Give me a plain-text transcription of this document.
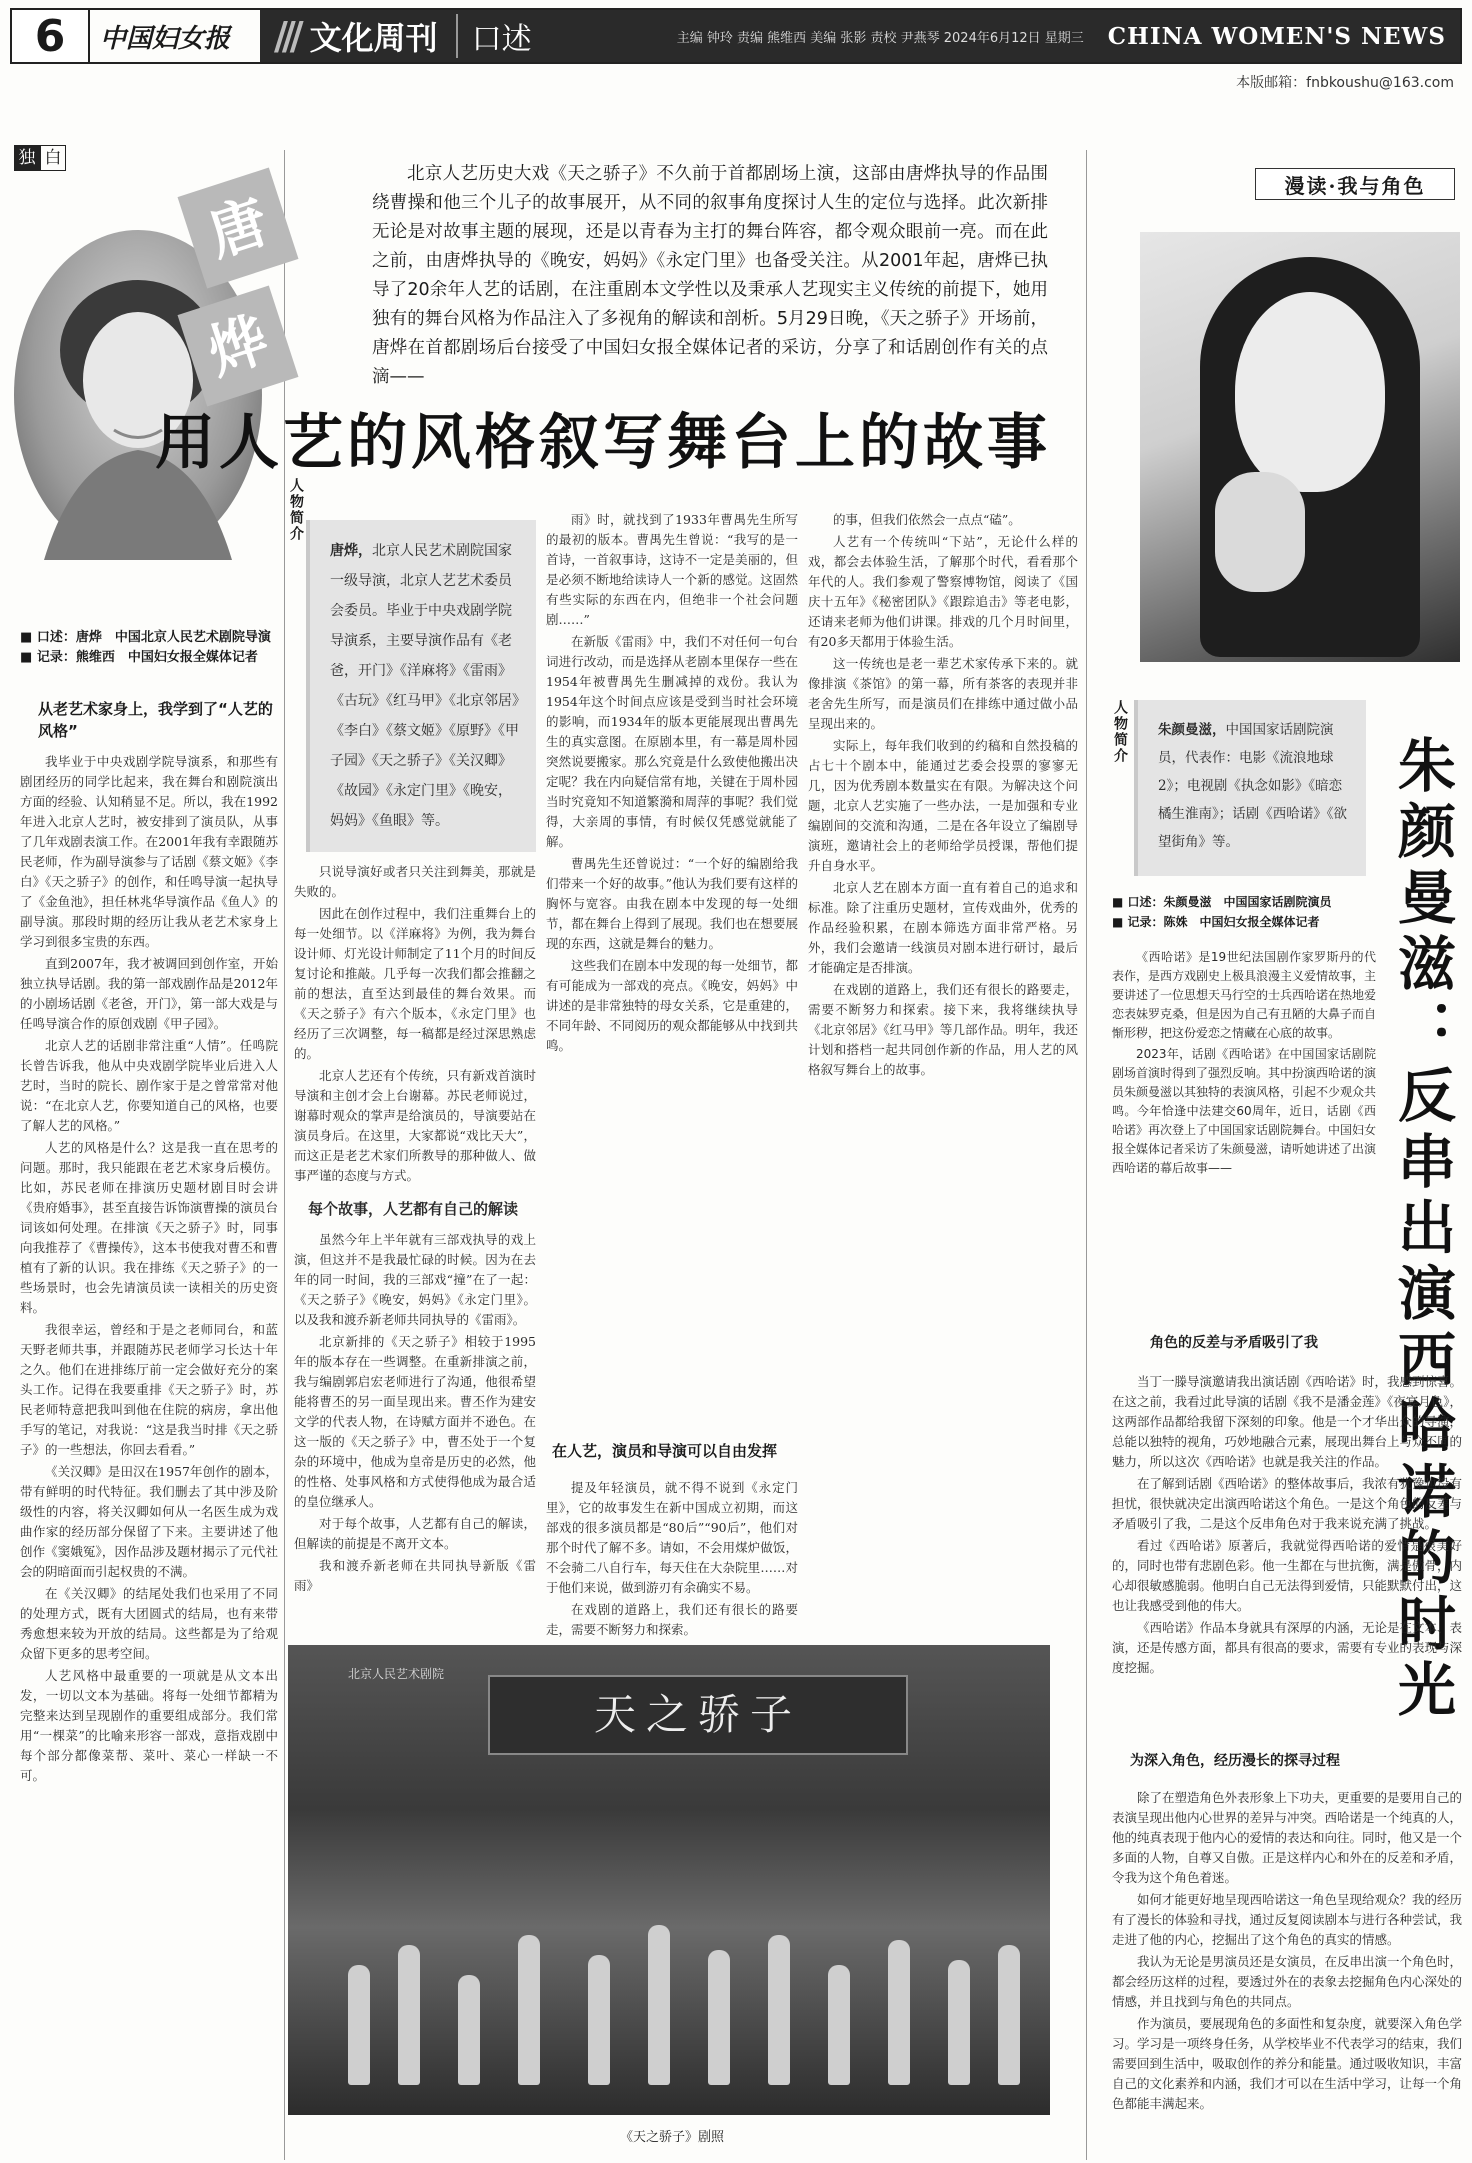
6	中国妇女报	/// 文化周刊	口述	主编 钟玲 责编 熊维西 美编 张影 责校 尹燕琴 2024年6月12日 星期三 CHINA WOMEN'S NEWS
本版邮箱：fnbkoushu@163.com
独 白
唐
烨
北京人艺历史大戏《天之骄子》不久前于首都剧场上演，这部由唐烨执导的作品围绕曹操和他三个儿子的故事展开，从不同的叙事角度探讨人生的定位与选择。此次新排无论是对故事主题的展现，还是以青春为主打的舞台阵容，都令观众眼前一亮。而在此之前，由唐烨执导的《晚安，妈妈》《永定门里》也备受关注。从2001年起，唐烨已执导了20余年人艺的话剧，在注重剧本文学性以及秉承人艺现实主义传统的前提下，她用独有的舞台风格为作品注入了多视角的解读和剖析。5月29日晚，《天之骄子》开场前，唐烨在首都剧场后台接受了中国妇女报全媒体记者的采访，分享了和话剧创作有关的点滴——
用人艺的风格叙写舞台上的故事
■ 口述：唐烨　中国北京人民艺术剧院导演
■ 记录：熊维西　中国妇女报全媒体记者
从老艺术家身上，我学到了“人艺的风格”

我毕业于中央戏剧学院导演系，和那些有剧团经历的同学比起来，我在舞台和剧院演出方面的经验、认知稍显不足。所以，我在1992年进入北京人艺时，被安排到了演员队，从事了几年戏剧表演工作。在2001年我有幸跟随苏民老师，作为副导演参与了话剧《蔡文姬》《李白》《天之骄子》的创作，和任鸣导演一起执导了《金鱼池》，担任林兆华导演作品《鱼人》的副导演。那段时期的经历让我从老艺术家身上学习到很多宝贵的东西。

直到2007年，我才被调回到创作室，开始独立执导话剧。我的第一部戏剧作品是2012年的小剧场话剧《老爸，开门》，第一部大戏是与任鸣导演合作的原创戏剧《甲子园》。

北京人艺的话剧非常注重“人情”。任鸣院长曾告诉我，他从中央戏剧学院毕业后进入人艺时，当时的院长、剧作家于是之曾常常对他说：“在北京人艺，你要知道自己的风格，也要了解人艺的风格。”

人艺的风格是什么？这是我一直在思考的问题。那时，我只能跟在老艺术家身后模仿。比如，苏民老师在排演历史题材剧目时会讲《贵府婚事》，甚至直接告诉饰演曹操的演员台词该如何处理。在排演《天之骄子》时，同事向我推荐了《曹操传》，这本书使我对曹丕和曹植有了新的认识。我在排练《天之骄子》的一些场景时，也会先请演员读一读相关的历史资料。

我很幸运，曾经和于是之老师同台，和蓝天野老师共事，并跟随苏民老师学习长达十年之久。他们在进排练厅前一定会做好充分的案头工作。记得在我要重排《天之骄子》时，苏民老师特意把我叫到他在住院的病房，拿出他手写的笔记，对我说：“这是我当时排《天之骄子》的一些想法，你回去看看。”

《关汉卿》是田汉在1957年创作的剧本，带有鲜明的时代特征。我们删去了其中涉及阶级性的内容，将关汉卿如何从一名医生成为戏曲作家的经历部分保留了下来。主要讲述了他创作《窦娥冤》，因作品涉及题材揭示了元代社会的阴暗面而引起权贵的不满。

在《关汉卿》的结尾处我们也采用了不同的处理方式，既有大团圆式的结局，也有来带秀愈想来较为开放的结局。这些都是为了给观众留下更多的思考空间。

人艺风格中最重要的一项就是从文本出发，一切以文本为基础。将每一处细节都精为完整来达到呈现剧作的重要组成部分。我们常用“一棵菜”的比喻来形容一部戏，意指戏剧中每个部分都像菜帮、菜叶、菜心一样缺一不可。

人物简介
唐烨，北京人民艺术剧院国家一级导演，北京人艺艺术委员会委员。毕业于中央戏剧学院导演系，主要导演作品有《老爸，开门》《洋麻将》《雷雨》《古玩》《红马甲》《北京邻居》《李白》《蔡文姬》《原野》《甲子园》《天之骄子》《关汉卿》《故园》《永定门里》《晚安，妈妈》《鱼眼》等。

只说导演好或者只关注到舞美，那就是失败的。

因此在创作过程中，我们注重舞台上的每一处细节。以《洋麻将》为例，我为舞台设计师、灯光设计师制定了11个月的时间反复讨论和推敲。几乎每一次我们都会推翻之前的想法，直至达到最佳的舞台效果。而《天之骄子》有六个版本，《永定门里》也经历了三次调整，每一稿都是经过深思熟虑的。

北京人艺还有个传统，只有新戏首演时导演和主创才会上台谢幕。苏民老师说过，谢幕时观众的掌声是给演员的，导演要站在演员身后。在这里，大家都说“戏比天大”，而这正是老艺术家们所教导的那种做人、做事严谨的态度与方式。

每个故事，人艺都有自己的解读

虽然今年上半年就有三部戏执导的戏上演，但这并不是我最忙碌的时候。因为在去年的同一时间，我的三部戏“撞”在了一起：《天之骄子》《晚安，妈妈》《永定门里》。以及我和渡乔新老师共同执导的《雷雨》。

北京新排的《天之骄子》相较于1995年的版本存在一些调整。在重新排演之前，我与编剧郭启宏老师进行了沟通，他很希望能将曹丕的另一面呈现出来。曹丕作为建安文学的代表人物，在诗赋方面并不逊色。在这一版的《天之骄子》中，曹丕处于一个复杂的环境中，他成为皇帝是历史的必然，他的性格、处事风格和方式使得他成为最合适的皇位继承人。

对于每个故事，人艺都有自己的解读，但解读的前提是不离开文本。

我和渡乔新老师在共同执导新版《雷雨》

雨》时，就找到了1933年曹禺先生所写的最初的版本。曹禺先生曾说：“我写的是一首诗，一首叙事诗，这诗不一定是美丽的，但是必须不断地给读诗人一个新的感觉。这固然有些实际的东西在内，但绝非一个社会问题剧……”

在新版《雷雨》中，我们不对任何一句台词进行改动，而是选择从老剧本里保存一些在1954年被曹禺先生删减掉的戏份。我认为1954年这个时间点应该是受到当时社会环境的影响，而1934年的版本更能展现出曹禺先生的真实意图。在原剧本里，有一幕是周朴园突然说要搬家。那么究竟是什么致使他搬出决定呢？我在内向疑信常有地，关键在于周朴园当时究竟知不知道繁漪和周萍的事呢？我们觉得，大亲周的事情，有时候仅凭感觉就能了解。

曹禺先生还曾说过：“一个好的编剧给我们带来一个好的故事。”他认为我们要有这样的胸怀与宽容。由我在剧本中发现的每一处细节，都在舞台上得到了展现。我们也在想要展现的东西，这就是舞台的魅力。

这些我们在剧本中发现的每一处细节，都有可能成为一部戏的亮点。《晚安，妈妈》中讲述的是非常独特的母女关系，它是重建的，不同年龄、不同阅历的观众都能够从中找到共鸣。

在人艺，演员和导演可以自由发挥

提及年轻演员，就不得不说到《永定门里》，它的故事发生在新中国成立初期，而这部戏的很多演员都是“80后”“90后”，他们对那个时代了解不多。请如，不会用煤炉做饭，不会骑二八自行车，每天住在大杂院里……对于他们来说，做到游刃有余确实不易。

在戏剧的道路上，我们还有很长的路要走，需要不断努力和探索。

的事，但我们依然会一点点“磕”。

人艺有一个传统叫“下站”，无论什么样的戏，都会去体验生活，了解那个时代，看看那个年代的人。我们参观了警察博物馆，阅读了《国庆十五年》《秘密团队》《跟踪追击》等老电影，还请来老师为他们讲课。排戏的几个月时间里，有20多天都用于体验生活。

这一传统也是老一辈艺术家传承下来的。就像排演《茶馆》的第一幕，所有茶客的表现并非老舍先生所写，而是演员们在排练中通过做小品呈现出来的。

实际上，每年我们收到的约稿和自然投稿的占七十个剧本中，能通过艺委会投票的寥寥无几，因为优秀剧本数量实在有限。为解决这个问题，北京人艺实施了一些办法，一是加强和专业编剧间的交流和沟通，二是在各年设立了编剧导演班，邀请社会上的老师给学员授课，帮他们提升自身水平。

北京人艺在剧本方面一直有着自己的追求和标准。除了注重历史题材，宣传戏曲外，优秀的作品经验积累，在剧本筛选方面非常严格。另外，我们会邀请一线演员对剧本进行研讨，最后才能确定是否排演。

在戏剧的道路上，我们还有很长的路要走，需要不断努力和探索。接下来，我将继续执导《北京邻居》《红马甲》等几部作品。明年，我还计划和搭档一起共同创作新的作品，用人艺的风格叙写舞台上的故事。

北京人民艺术剧院
天之骄子
《天之骄子》剧照
漫读·我与角色
人物简介	朱颜曼滋，中国国家话剧院演员，代表作：电影《流浪地球2》；电视剧《执念如影》《暗恋橘生淮南》；话剧《西哈诺》《欲望街角》等。	朱颜曼滋：反串出演西哈诺的时光
■ 口述：朱颜曼滋　中国国家话剧院演员
■ 记录：陈姝　中国妇女报全媒体记者

《西哈诺》是19世纪法国剧作家罗斯丹的代表作，是西方戏剧史上极具浪漫主义爱情故事，主要讲述了一位思想天马行空的士兵西哈诺在热地爱恋表妹罗克桑，但是因为自己有丑陋的大鼻子而自惭形秽，把这份爱恋之情藏在心底的故事。

2023年，话剧《西哈诺》在中国国家话剧院剧场首演时得到了强烈反响。其中扮演西哈诺的演员朱颜曼滋以其独特的表演风格，引起不少观众共鸣。今年恰逢中法建交60周年，近日，话剧《西哈诺》再次登上了中国国家话剧院舞台。中国妇女报全媒体记者采访了朱颜曼滋，请听她讲述了出演西哈诺的幕后故事——

角色的反差与矛盾吸引了我

当丁一滕导演邀请我出演话剧《西哈诺》时，我感到惊喜。在这之前，我看过此导演的话剧《我不是潘金莲》《夜宴月色》，这两部作品都给我留下深刻的印象。他是一个才华出众的导演，总能以独特的视角，巧妙地融合元素，展现出舞台上与众不同的魅力，所以这次《西哈诺》也就是我关注的作品。

在了解到话剧《西哈诺》的整体故事后，我浓有犹豫也没有担忧，很快就决定出演西哈诺这个角色。一是这个角色的反差与矛盾吸引了我，二是这个反串角色对于我来说充满了挑战。

看过《西哈诺》原著后，我就觉得西哈诺的爱情是很美好的，同时也带有悲剧色彩。他一生都在与世抗衡，满是傲骨，内心却很敏感脆弱。他明白自己无法得到爱情，只能默默付出，这也让我感受到他的伟大。

《西哈诺》作品本身就具有深厚的内涵，无论是在文本、表演，还是传感方面，都具有很高的要求，需要有专业的表现与深度挖掘。

为深入角色，经历漫长的探寻过程

除了在塑造角色外表形象上下功夫，更重要的是要用自己的表演呈现出他内心世界的差异与冲突。西哈诺是一个纯真的人，他的纯真表现于他内心的爱情的表达和向往。同时，他又是一个多面的人物，自尊又自傲。正是这样内心和外在的反差和矛盾，令我为这个角色着迷。

如何才能更好地呈现西哈诺这一角色呈现给观众？我的经历有了漫长的体验和寻找，通过反复阅读剧本与进行各种尝试，我走进了他的内心，挖掘出了这个角色的真实的情感。

我认为无论是男演员还是女演员，在反串出演一个角色时，都会经历这样的过程，要透过外在的表象去挖掘角色内心深处的情感，并且找到与角色的共同点。

作为演员，要展现角色的多面性和复杂度，就要深入角色学习。学习是一项终身任务，从学校毕业不代表学习的结束，我们需要回到生活中，吸取创作的养分和能量。通过吸收知识，丰富自己的文化素养和内涵，我们才可以在生活中学习，让每一个角色都能丰满起来。
